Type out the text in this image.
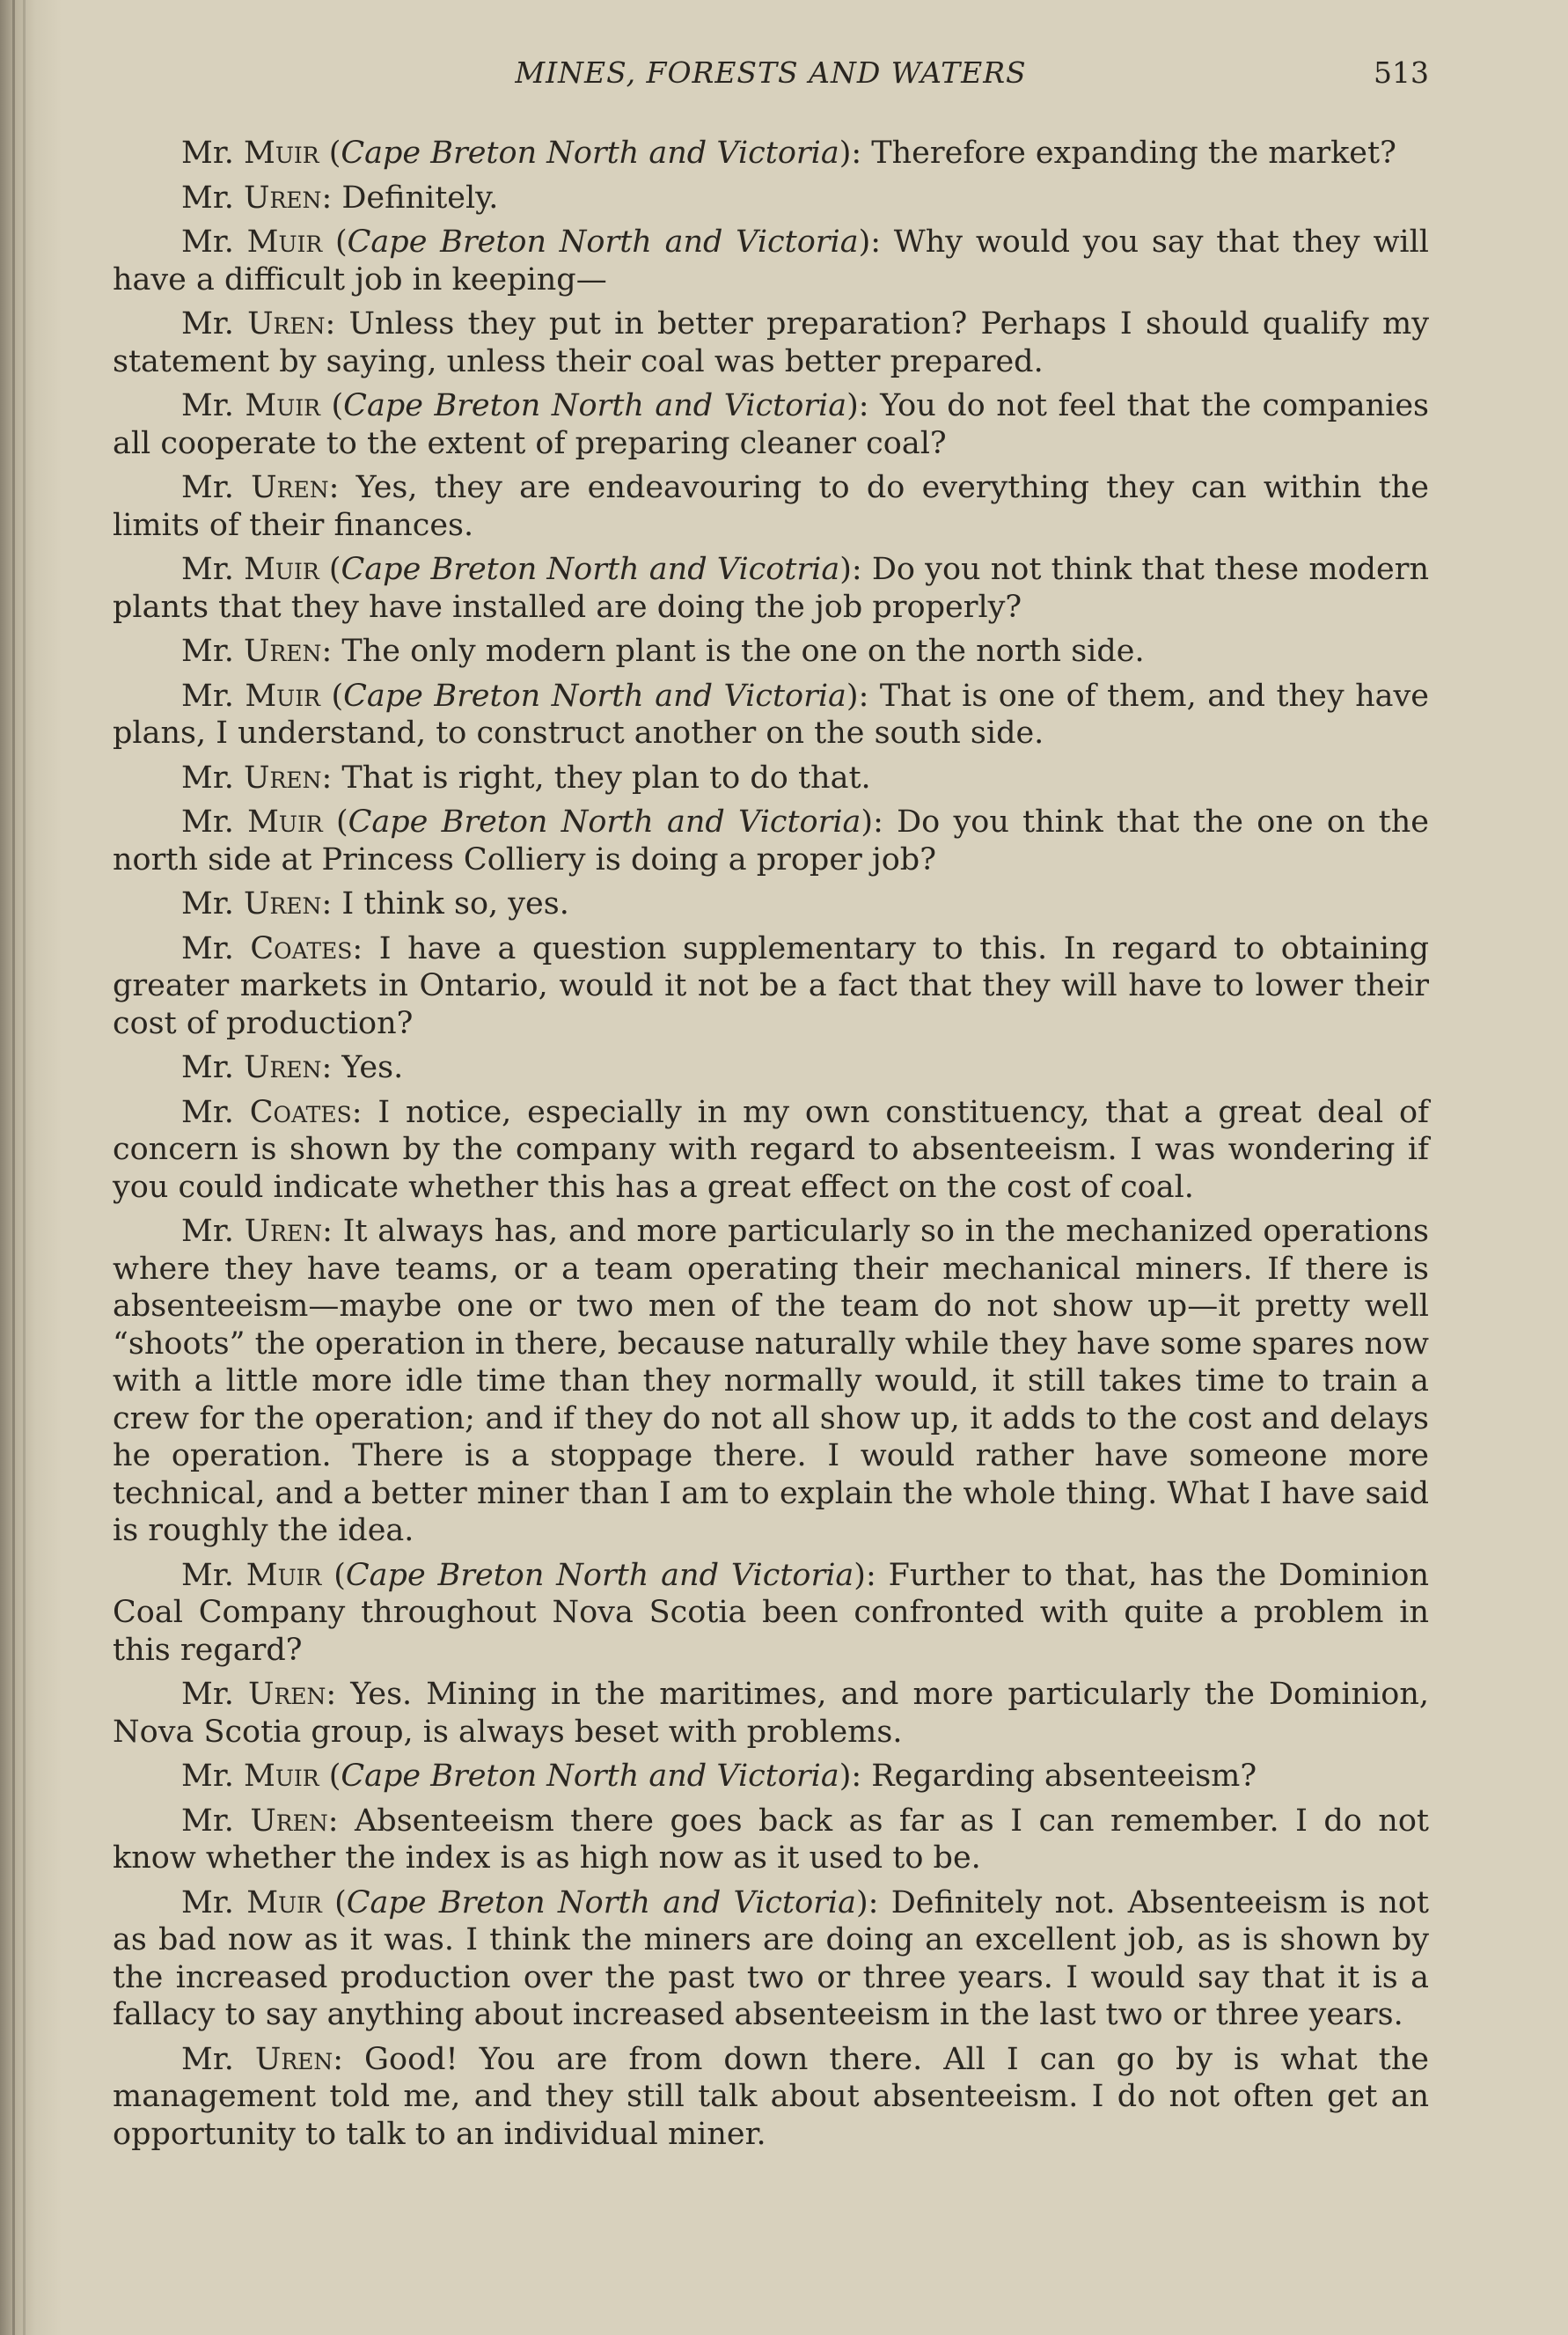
MINES, FORESTS AND WATERS	513

Mr. Muir (Cape Breton North and Victoria): Therefore expanding the market?

Mr. Uren: Definitely.

Mr. Muir (Cape Breton North and Victoria): Why would you say that they will have a difficult job in keeping—

Mr. Uren: Unless they put in better preparation? Perhaps I should qualify my statement by saying, unless their coal was better prepared.

Mr. Muir (Cape Breton North and Victoria): You do not feel that the companies all cooperate to the extent of preparing cleaner coal?

Mr. Uren: Yes, they are endeavouring to do everything they can within the limits of their finances.

Mr. Muir (Cape Breton North and Vicotria): Do you not think that these modern plants that they have installed are doing the job properly?

Mr. Uren: The only modern plant is the one on the north side.

Mr. Muir (Cape Breton North and Victoria): That is one of them, and they have plans, I understand, to construct another on the south side.

Mr. Uren: That is right, they plan to do that.

Mr. Muir (Cape Breton North and Victoria): Do you think that the one on the north side at Princess Colliery is doing a proper job?

Mr. Uren: I think so, yes.

Mr. Coates: I have a question supplementary to this. In regard to obtaining greater markets in Ontario, would it not be a fact that they will have to lower their cost of production?

Mr. Uren: Yes.

Mr. Coates: I notice, especially in my own constituency, that a great deal of concern is shown by the company with regard to absenteeism. I was wondering if you could indicate whether this has a great effect on the cost of coal.

Mr. Uren: It always has, and more particularly so in the mechanized operations where they have teams, or a team operating their mechanical miners. If there is absenteeism—maybe one or two men of the team do not show up—it pretty well “shoots” the operation in there, because naturally while they have some spares now with a little more idle time than they normally would, it still takes time to train a crew for the operation; and if they do not all show up, it adds to the cost and delays he operation. There is a stoppage there. I would rather have someone more technical, and a better miner than I am to explain the whole thing. What I have said is roughly the idea.

Mr. Muir (Cape Breton North and Victoria): Further to that, has the Dominion Coal Company throughout Nova Scotia been confronted with quite a problem in this regard?

Mr. Uren: Yes. Mining in the maritimes, and more particularly the Dominion, Nova Scotia group, is always beset with problems.

Mr. Muir (Cape Breton North and Victoria): Regarding absenteeism?

Mr. Uren: Absenteeism there goes back as far as I can remember. I do not know whether the index is as high now as it used to be.

Mr. Muir (Cape Breton North and Victoria): Definitely not. Absenteeism is not as bad now as it was. I think the miners are doing an excellent job, as is shown by the increased production over the past two or three years. I would say that it is a fallacy to say anything about increased absenteeism in the last two or three years.

Mr. Uren: Good! You are from down there. All I can go by is what the management told me, and they still talk about absenteeism. I do not often get an opportunity to talk to an individual miner.
